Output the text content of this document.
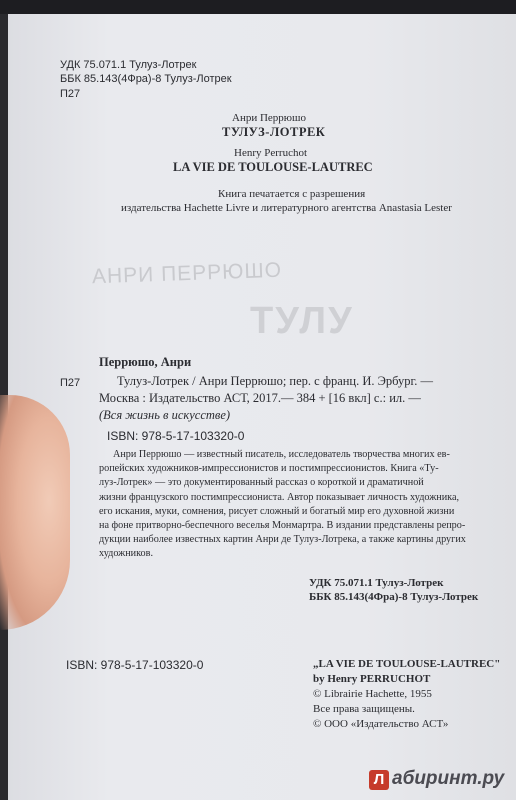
АНРИ ПЕРРЮШО
ТУЛУ
УДК 75.071.1 Тулуз-Лотрек
ББК 85.143(4Фра)-8 Тулуз-Лотрек
П27
Анри Перрюшо
ТУЛУЗ-ЛОТРЕК
Henry Perruchot
LA VIE DE TOULOUSE-LAUTREC
Книга печатается с разрешения
издательства Hachette Livre и литературного агентства Anastasia Lester
Перрюшо, Анри
П27	Тулуз-Лотрек / Анри Перрюшо; пер. с франц. И. Эрбург. —
Москва : Издательство АСТ, 2017.— 384 + [16 вкл] с.: ил. —
(Вся жизнь в искусстве)
ISBN: 978-5-17-103320-0

Анри Перрюшо — известный писатель, исследователь творчества многих ев-

ропейских художников-импрессионистов и постимпрессионистов. Книга «Ту-

луз-Лотрек» — это документированный рассказ о короткой и драматичной

жизни французского постимпрессиониста. Автор показывает личность художника,

его искания, муки, сомнения, рисует сложный и богатый мир его духовной жизни

на фоне притворно-беспечного веселья Монмартра. В издании представлены репро-

дукции наиболее известных картин Анри де Тулуз-Лотрека, а также картины других

художников.

УДК 75.071.1 Тулуз-Лотрек
ББК 85.143(4Фра)-8 Тулуз-Лотрек
ISBN: 978-5-17-103320-0	„LA VIE DE TOULOUSE-LAUTREC"
by Henry PERRUCHOT
© Librairie Hachette, 1955
Все права защищены.
© ООО «Издательство АСТ»
Л абиринт.ру
